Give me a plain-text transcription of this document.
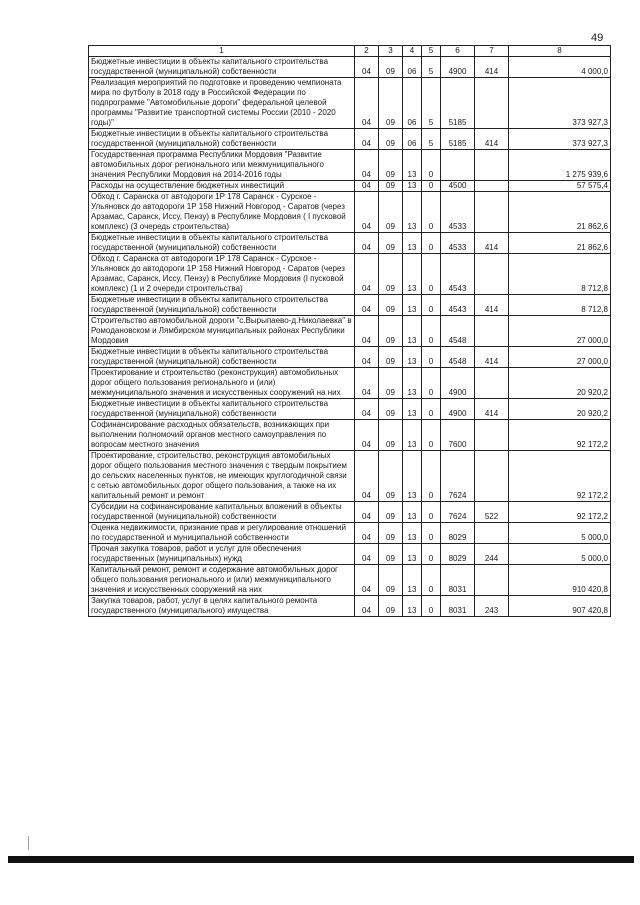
49
1	2	3	4	5	6	7	8
Бюджетные инвестиции в объекты капитального строительства государственной (муниципальной) собственности	04	09	06	5	4900	414	4 000,0
Реализация мероприятий по подготовке и проведению чемпионата мира по футболу в 2018 году в Российской Федерации по подпрограмме "Автомобильные дороги" федеральной целевой программы "Развитие транспортной системы России (2010 - 2020 годы)"	04	09	06	5	5185		373 927,3
Бюджетные инвестиции в объекты капитального строительства государственной (муниципальной) собственности	04	09	06	5	5185	414	373 927,3
Государственная программа Республики Мордовия "Развитие автомобильных дорог регионального или межмуниципального значения Республики Мордовия на 2014-2016 годы	04	09	13	0			1 275 939,6
Расходы на осуществление бюджетных инвестиций	04	09	13	0	4500		57 575,4
Обход г. Саранска от автодороги 1Р 178 Саранск - Сурское - Ульяновск до автодороги 1Р 158 Нижний Новгород - Саратов (через Арзамас, Саранск, Иссу, Пензу) в Республике Мордовия ( I пусковой комплекс) (3 очередь строительства)	04	09	13	0	4533		21 862,6
Бюджетные инвестиции в объекты капитального строительства государственной (муниципальной) собственности	04	09	13	0	4533	414	21 862,6
Обход г. Саранска от автодороги 1Р 178 Саранск - Сурское - Ульяновск до автодороги 1Р 158 Нижний Новгород - Саратов (через Арзамас, Саранск, Иссу, Пензу) в Республике Мордовия (I пусковой комплекс) (1 и 2 очереди строительства)	04	09	13	0	4543		8 712,8
Бюджетные инвестиции в объекты капитального строительства государственной (муниципальной) собственности	04	09	13	0	4543	414	8 712,8
Строительство автомобильной дороги "с.Вырыпаево-д.Николаевка" в Ромодановском и Лямбирском муниципальных районах Республики Мордовия	04	09	13	0	4548		27 000,0
Бюджетные инвестиции в объекты капитального строительства государственной (муниципальной) собственности	04	09	13	0	4548	414	27 000,0
Проектирование и строительство (реконструкция) автомобильных дорог общего пользования регионального и (или) межмуниципального значения и искусственных сооружений на них	04	09	13	0	4900		20 920,2
Бюджетные инвестиции в объекты капитального строительства государственной (муниципальной) собственности	04	09	13	0	4900	414	20 920,2
Софинансирование расходных обязательств, возникающих при выполнении полномочий органов местного самоуправления по вопросам местного значения	04	09	13	0	7600		92 172,2
Проектирование, строительство, реконструкция автомобильных дорог общего пользования местного значения с твердым покрытием до сельских населенных пунктов, не имеющих круглогодичной связи с сетью автомобильных дорог общего пользования, а также на их капитальный ремонт и ремонт	04	09	13	0	7624		92 172,2
Субсидии на софинансирование капитальных вложений в объекты государственной (муниципальной) собственности	04	09	13	0	7624	522	92 172,2
Оценка недвижимости, признание прав и регулирование отношений по государственной и муниципальной собственности	04	09	13	0	8029		5 000,0
Прочая закупка товаров, работ и услуг для обеспечения государственных (муниципальных) нужд	04	09	13	0	8029	244	5 000,0
Капитальный ремонт, ремонт и содержание автомобильных дорог общего пользования регионального и (или) межмуниципального значения и искусственных сооружений на них	04	09	13	0	8031		910 420,8
Закупка товаров, работ, услуг в целях капитального ремонта государственного (муниципального) имущества	04	09	13	0	8031	243	907 420,8
